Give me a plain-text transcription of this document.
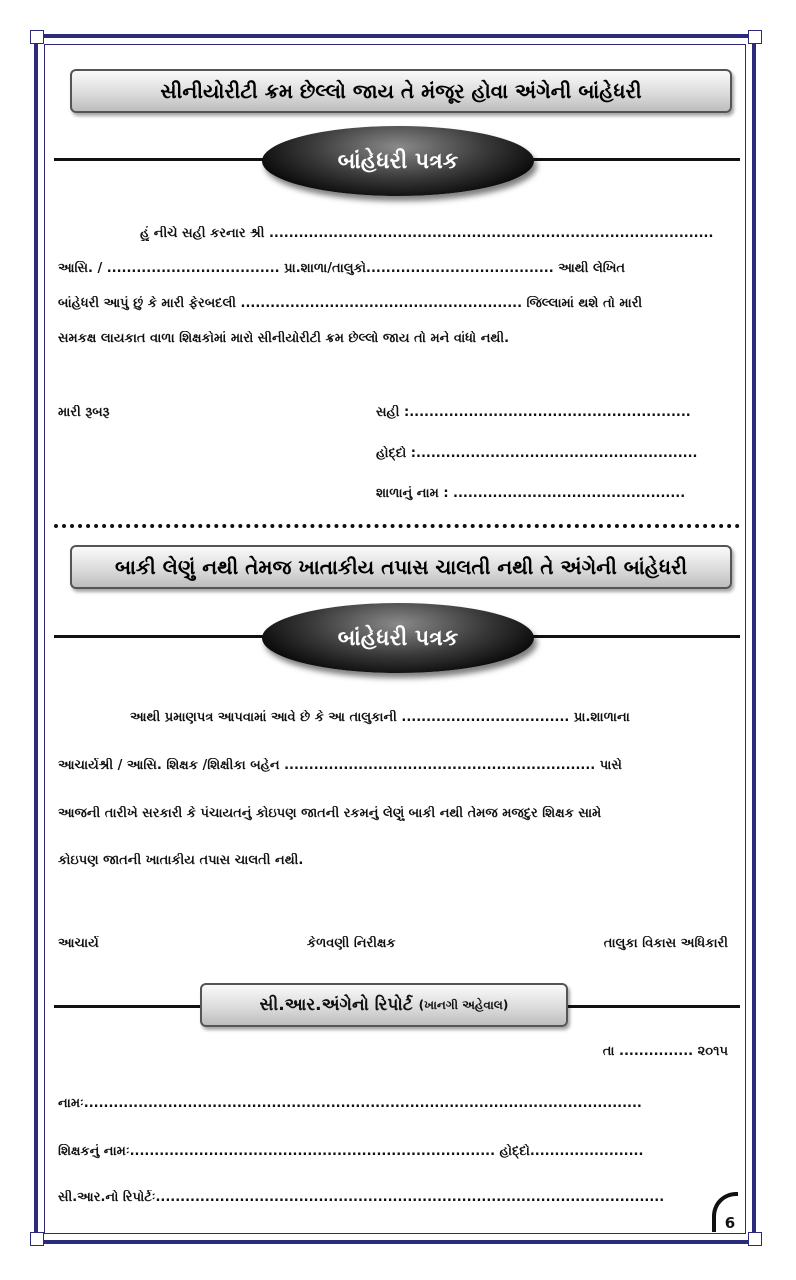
સીનીયોરીટી ક્રમ છેલ્લો જાય તે મંજૂર હોવા અંગેની બાંહેધરી
બાંહેધરી પત્રક
હું નીચે સહી કરનાર શ્રી ..........................................................................................
આસિ. / ................................... પ્રા.શાળા/તાલુકો...................................... આથી લેખિત
બાંહેધરી આપું છું કે મારી ફેરબદલી ......................................................... જિલ્લામાં થશે તો મારી
સમકક્ષ લાયકાત વાળા શિક્ષકોમાં મારો સીનીયોરીટી ક્રમ છેલ્લો જાય તો મને વાંધો નથી.
મારી રૂબરૂ	સહી :.........................................................
હોદ્દો :.........................................................
શાળાનું નામ : ...............................................
બાકી લેણું નથી તેમજ ખાતાકીય તપાસ ચાલતી નથી તે અંગેની બાંહેધરી
બાંહેધરી પત્રક
આથી પ્રમાણપત્ર આપવામાં આવે છે કે આ તાલુકાની .................................. પ્રા.શાળાના
આચાર્યશ્રી / આસિ. શિક્ષક /શિક્ષીકા બહેન ............................................................... પાસે
આજની તારીખે સરકારી કે પંચાયતનું કોઇપણ જાતની રકમનું લેણું બાકી નથી તેમજ મજદુર શિક્ષક સામે
કોઇપણ જાતની ખાતાકીય તપાસ ચાલતી નથી.
આચાર્ય	કેળવણી નિરીક્ષક	તાલુકા વિકાસ અધિકારી
સી.આર.અંગેનો રિપોર્ટ (ખાનગી અહેવાલ)
તા ............... ૨૦૧૫
નામઃ.................................................................................................................
શિક્ષકનું નામઃ.......................................................................... હોદ્દો.......................
સી.આર.નો રિપોર્ટઃ.......................................................................................................
6
